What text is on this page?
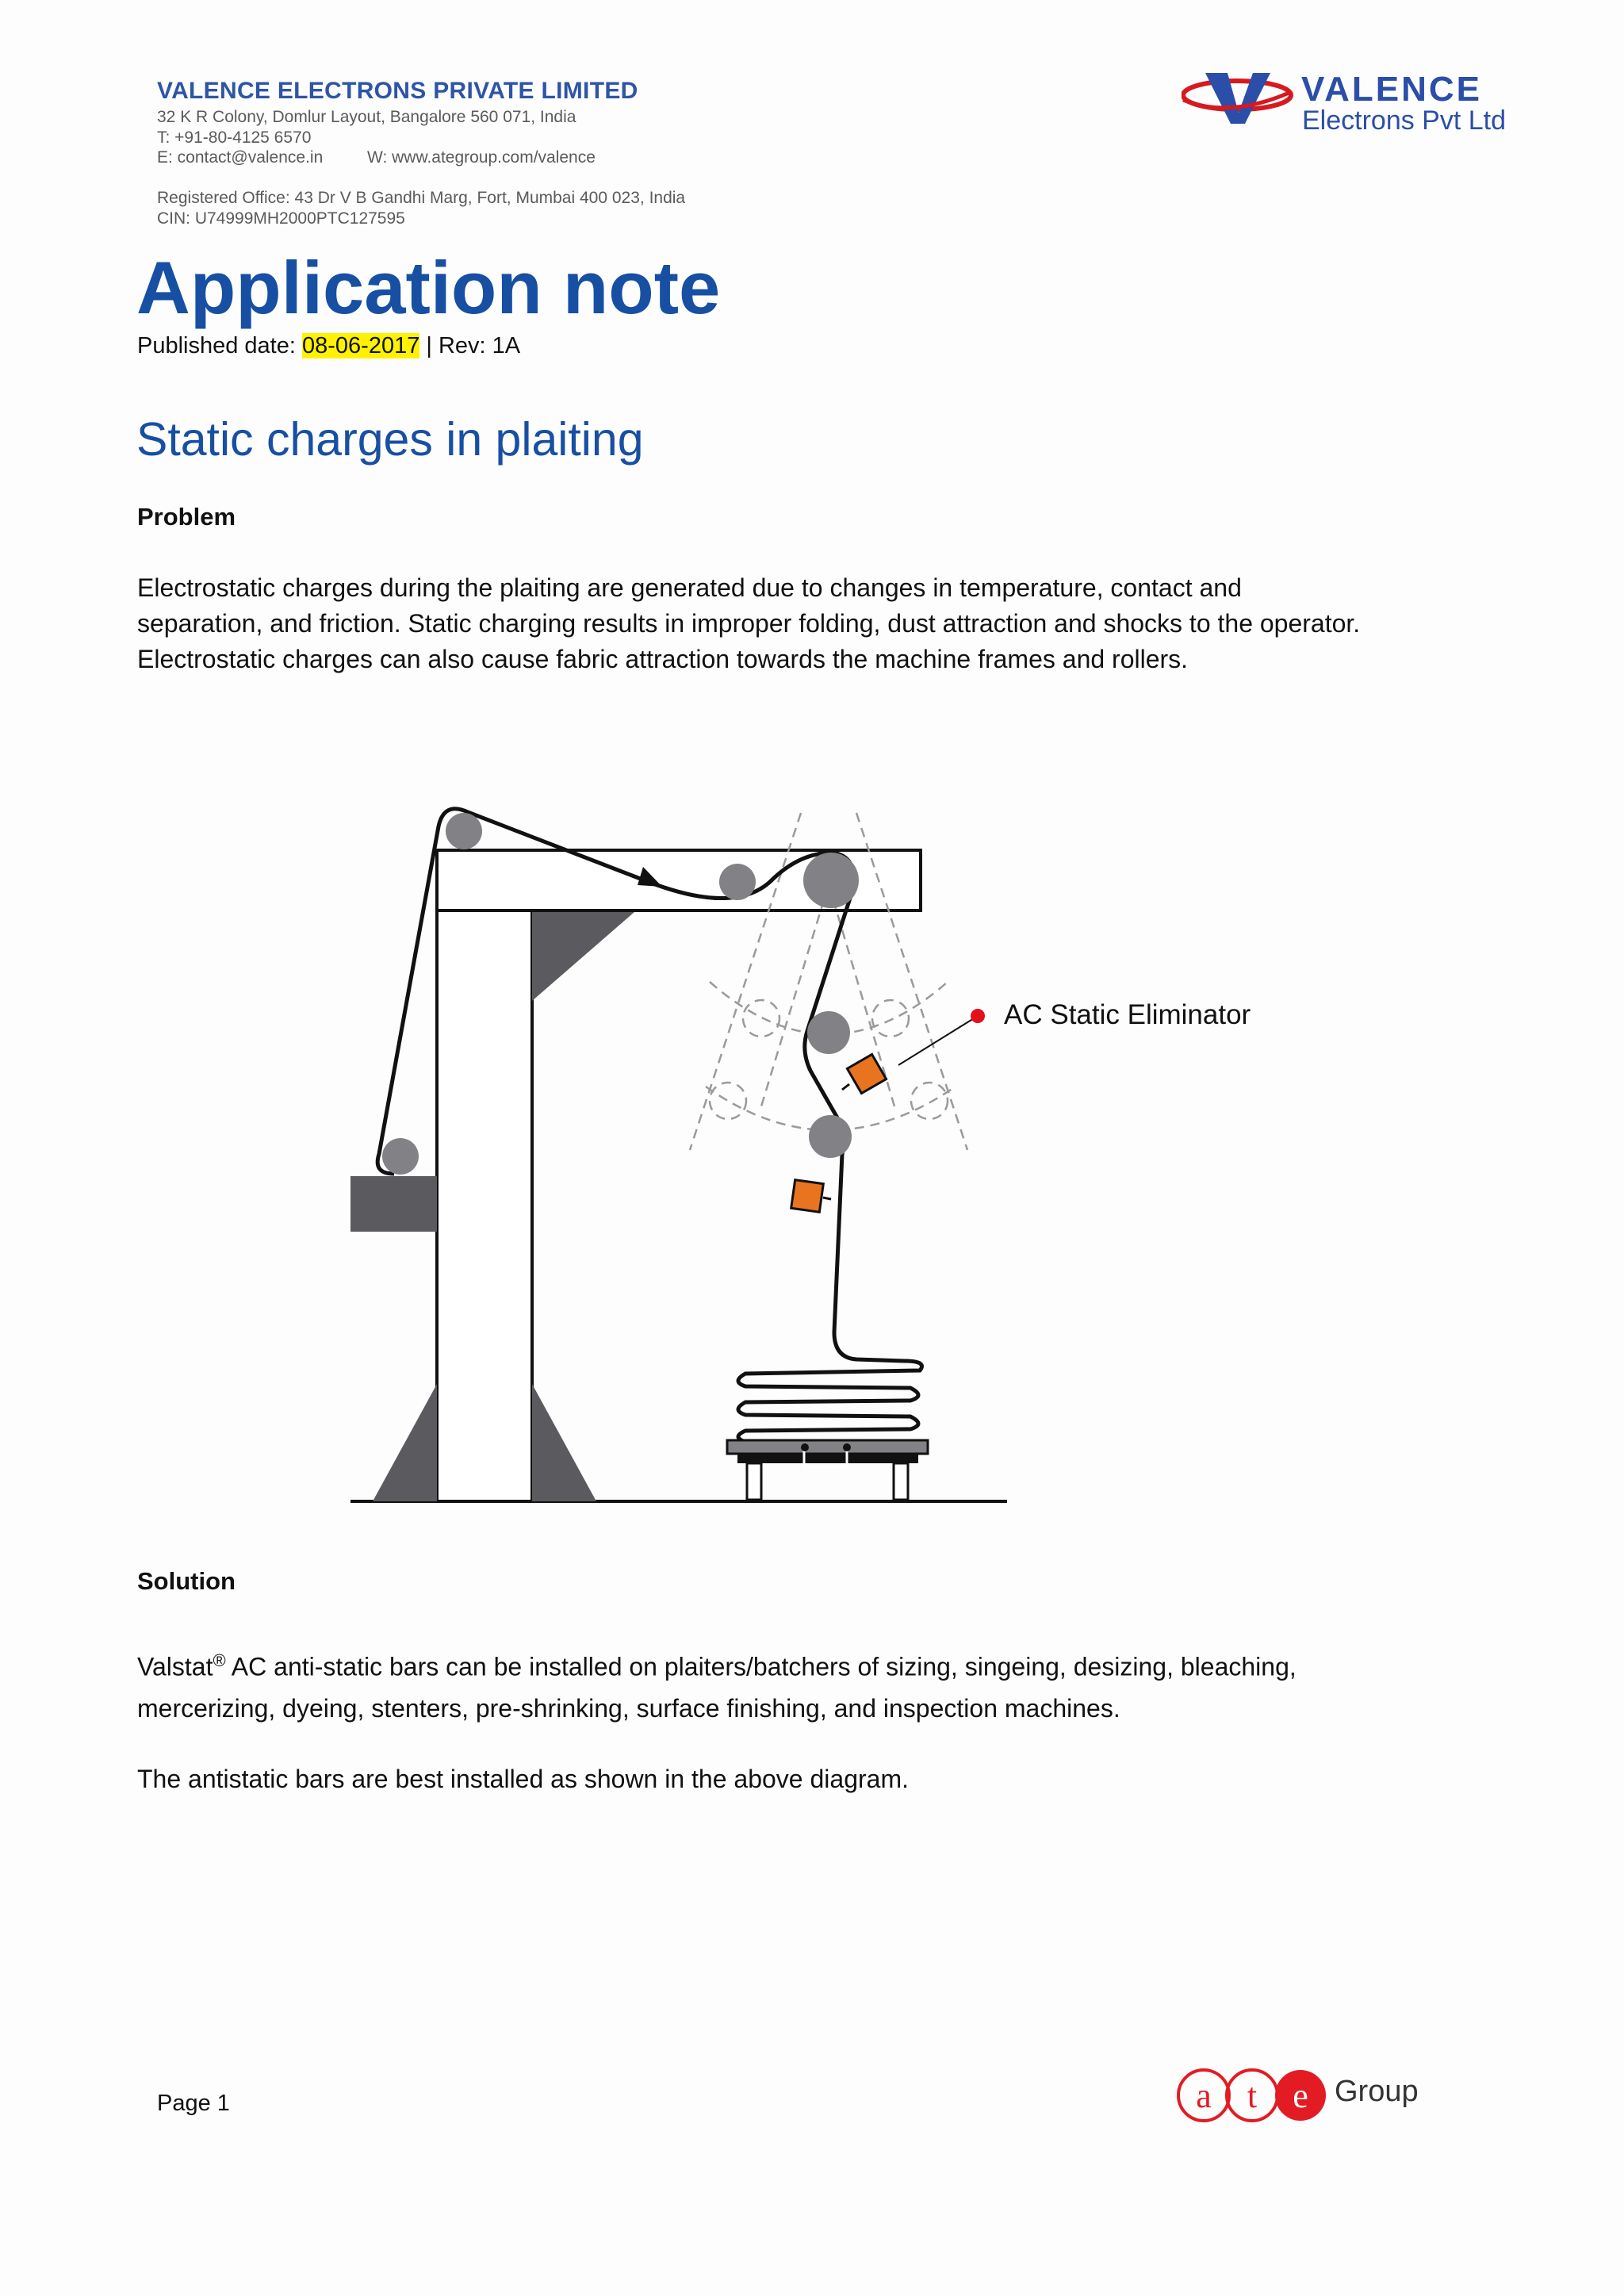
VALENCE ELECTRONS PRIVATE LIMITED
32 K R Colony, Domlur Layout, Bangalore 560 071, India
T: +91-80-4125 6570
E: contact@valence.in	W: www.ategroup.com/valence
Registered Office: 43 Dr V B Gandhi Marg, Fort, Mumbai 400 023, India
CIN: U74999MH2000PTC127595
VALENCE
Electrons Pvt Ltd
Application note
Published date: 08-06-2017 | Rev: 1A
Static charges in plaiting
Problem

Electrostatic charges during the plaiting are generated due to changes in temperature, contact and

separation, and friction. Static charging results in improper folding, dust attraction and shocks to the operator.

Electrostatic charges can also cause fabric attraction towards the machine frames and rollers.

AC Static Eliminator
Solution

Valstat® AC anti-static bars can be installed on plaiters/batchers of sizing, singeing, desizing, bleaching,

mercerizing, dyeing, stenters, pre-shrinking, surface finishing, and inspection machines.

The antistatic bars are best installed as shown in the above diagram.

Page 1	a t e Group
